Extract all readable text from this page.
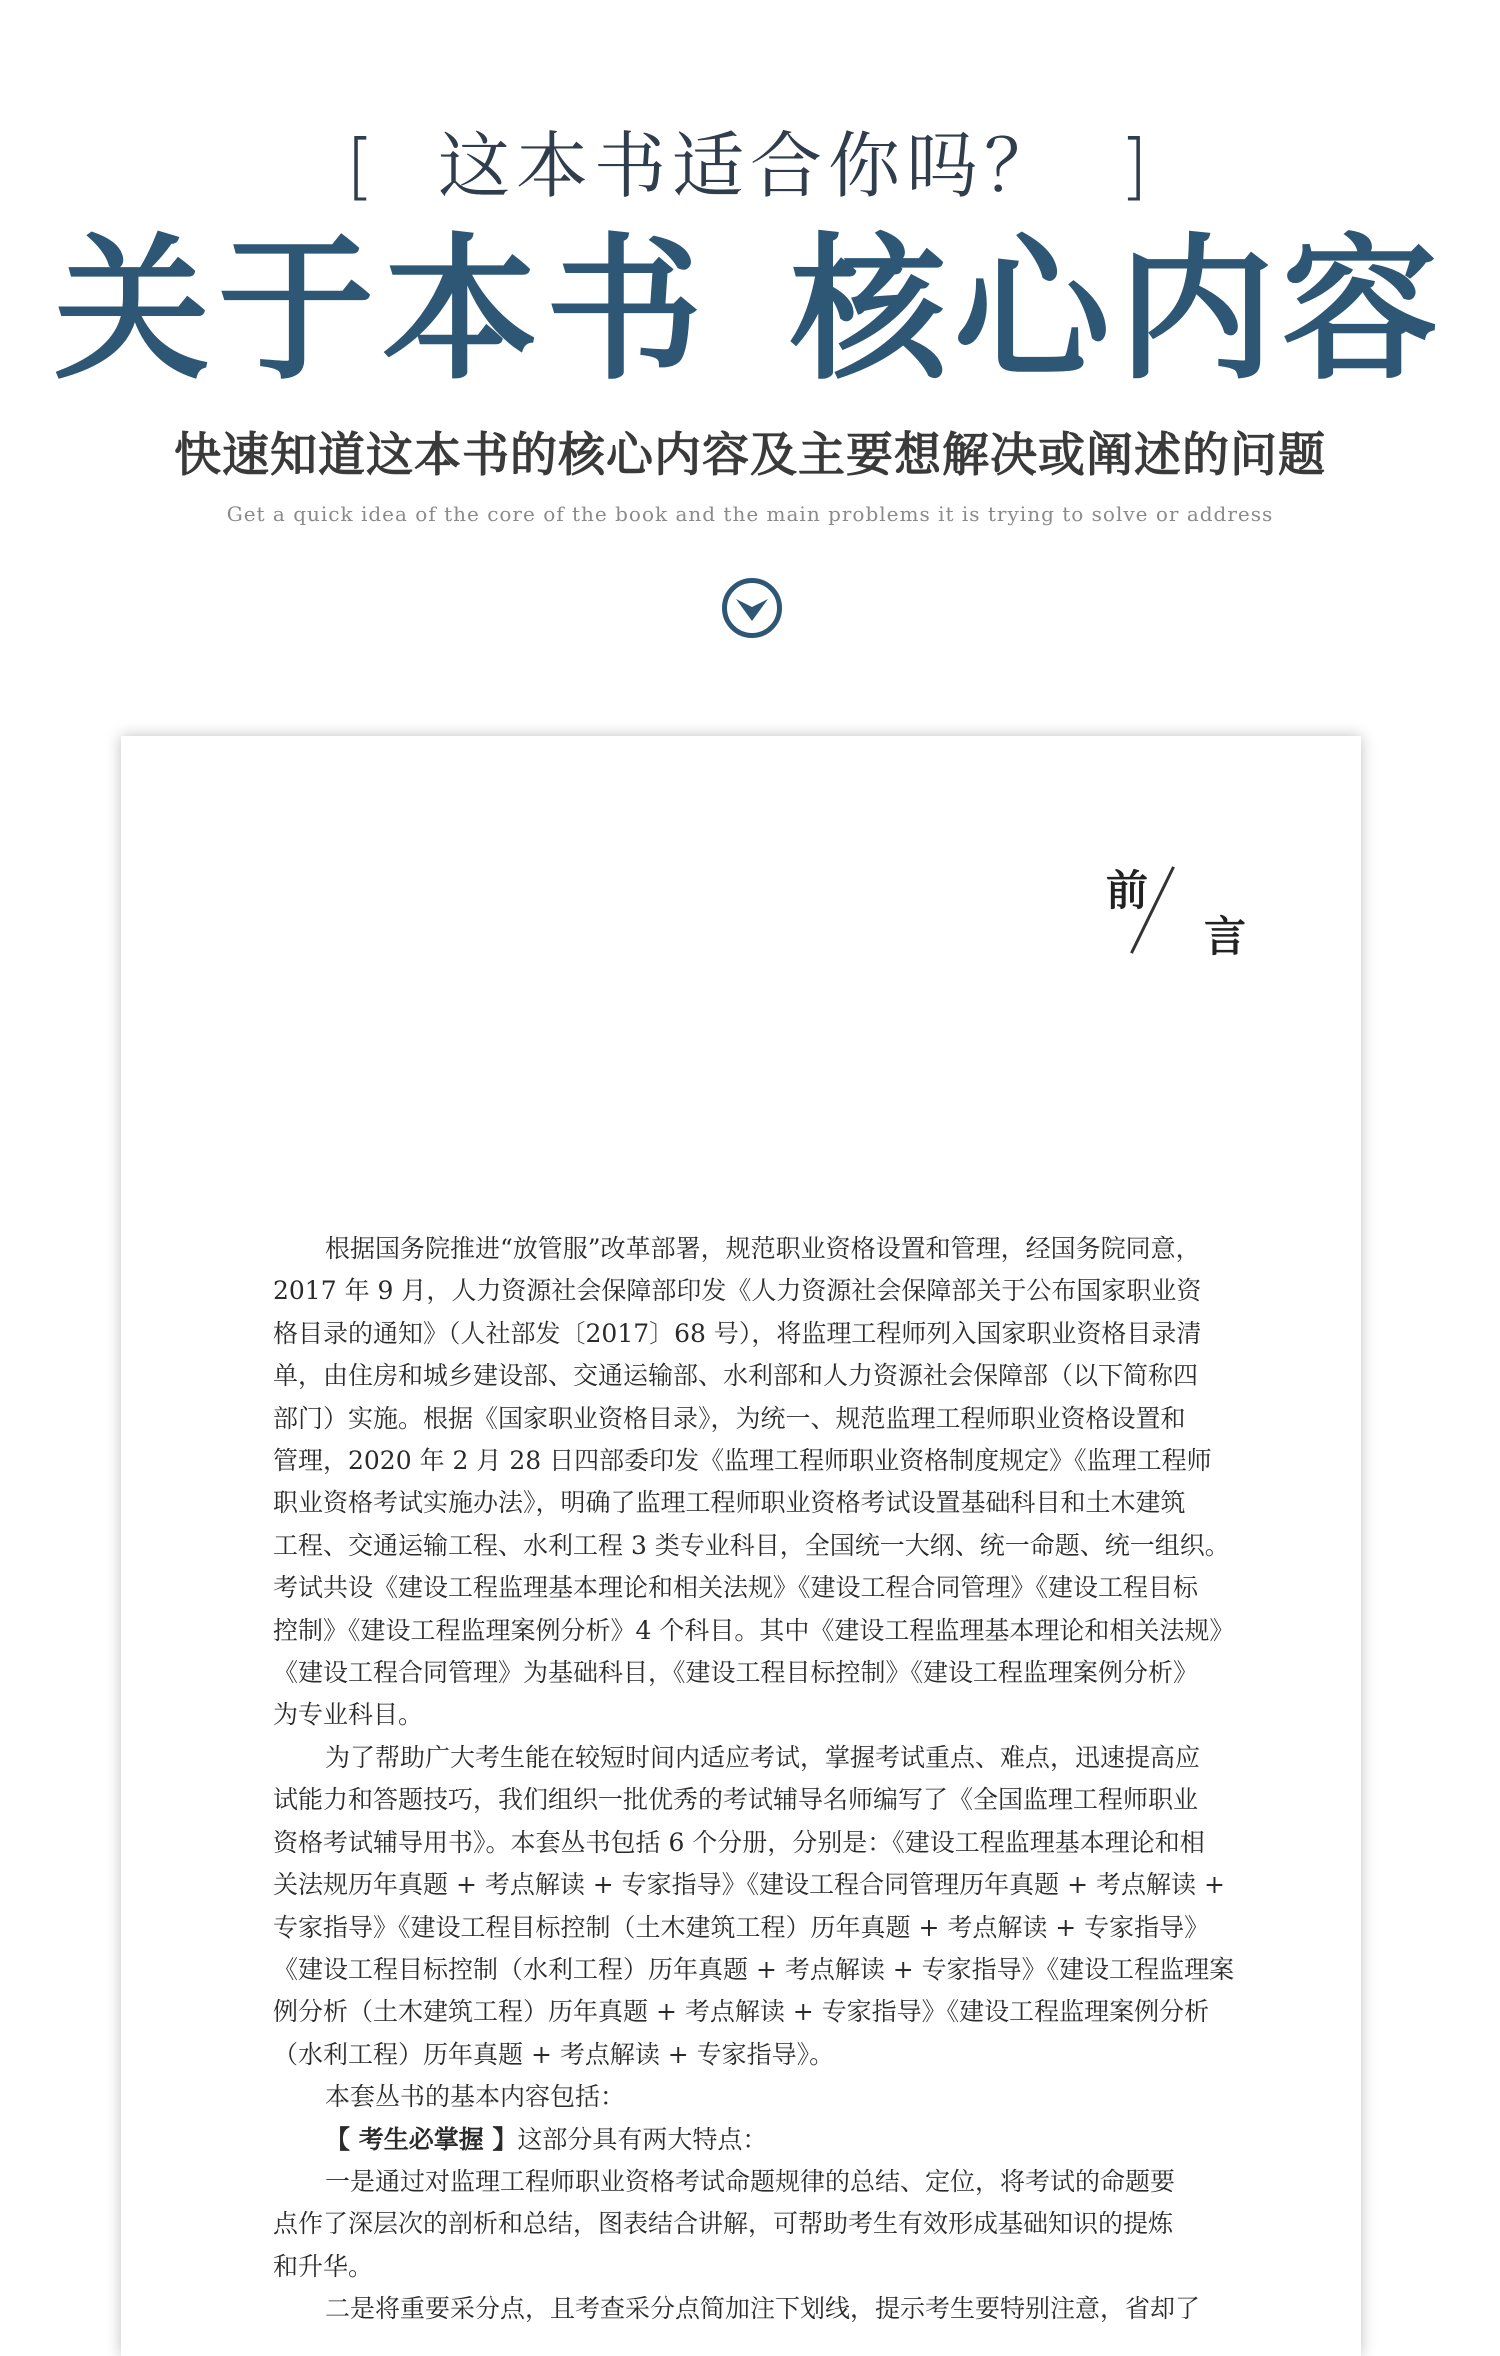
[ 这本书适合你吗？ ]
关于本书 核心内容
快速知道这本书的核心内容及主要想解决或阐述的问题
Get a quick idea of the core of the book and the main problems it is trying to solve or address
前
言

根据国务院推进“放管服”改革部署，规范职业资格设置和管理，经国务院同意，

2017 年 9 月，人力资源社会保障部印发《人力资源社会保障部关于公布国家职业资

格目录的通知》（人社部发〔2017〕68 号），将监理工程师列入国家职业资格目录清

单，由住房和城乡建设部、交通运输部、水利部和人力资源社会保障部（以下简称四

部门）实施。根据《国家职业资格目录》，为统一、规范监理工程师职业资格设置和

管理，2020 年 2 月 28 日四部委印发《监理工程师职业资格制度规定》《监理工程师

职业资格考试实施办法》，明确了监理工程师职业资格考试设置基础科目和土木建筑

工程、交通运输工程、水利工程 3 类专业科目，全国统一大纲、统一命题、统一组织。

考试共设《建设工程监理基本理论和相关法规》《建设工程合同管理》《建设工程目标

控制》《建设工程监理案例分析》4 个科目。其中《建设工程监理基本理论和相关法规》

《建设工程合同管理》为基础科目，《建设工程目标控制》《建设工程监理案例分析》

为专业科目。

为了帮助广大考生能在较短时间内适应考试，掌握考试重点、难点，迅速提高应

试能力和答题技巧，我们组织一批优秀的考试辅导名师编写了《全国监理工程师职业

资格考试辅导用书》。本套丛书包括 6 个分册，分别是：《建设工程监理基本理论和相

关法规历年真题 + 考点解读 + 专家指导》《建设工程合同管理历年真题 + 考点解读 +

专家指导》《建设工程目标控制（土木建筑工程）历年真题 + 考点解读 + 专家指导》

《建设工程目标控制（水利工程）历年真题 + 考点解读 + 专家指导》《建设工程监理案

例分析（土木建筑工程）历年真题 + 考点解读 + 专家指导》《建设工程监理案例分析

（水利工程）历年真题 + 考点解读 + 专家指导》。

本套丛书的基本内容包括：

【 考生必掌握 】这部分具有两大特点：

一是通过对监理工程师职业资格考试命题规律的总结、定位，将考试的命题要

点作了深层次的剖析和总结，图表结合讲解，可帮助考生有效形成基础知识的提炼

和升华。

二是将重要采分点，且考查采分点简加注下划线，提示考生要特别注意，省却了
